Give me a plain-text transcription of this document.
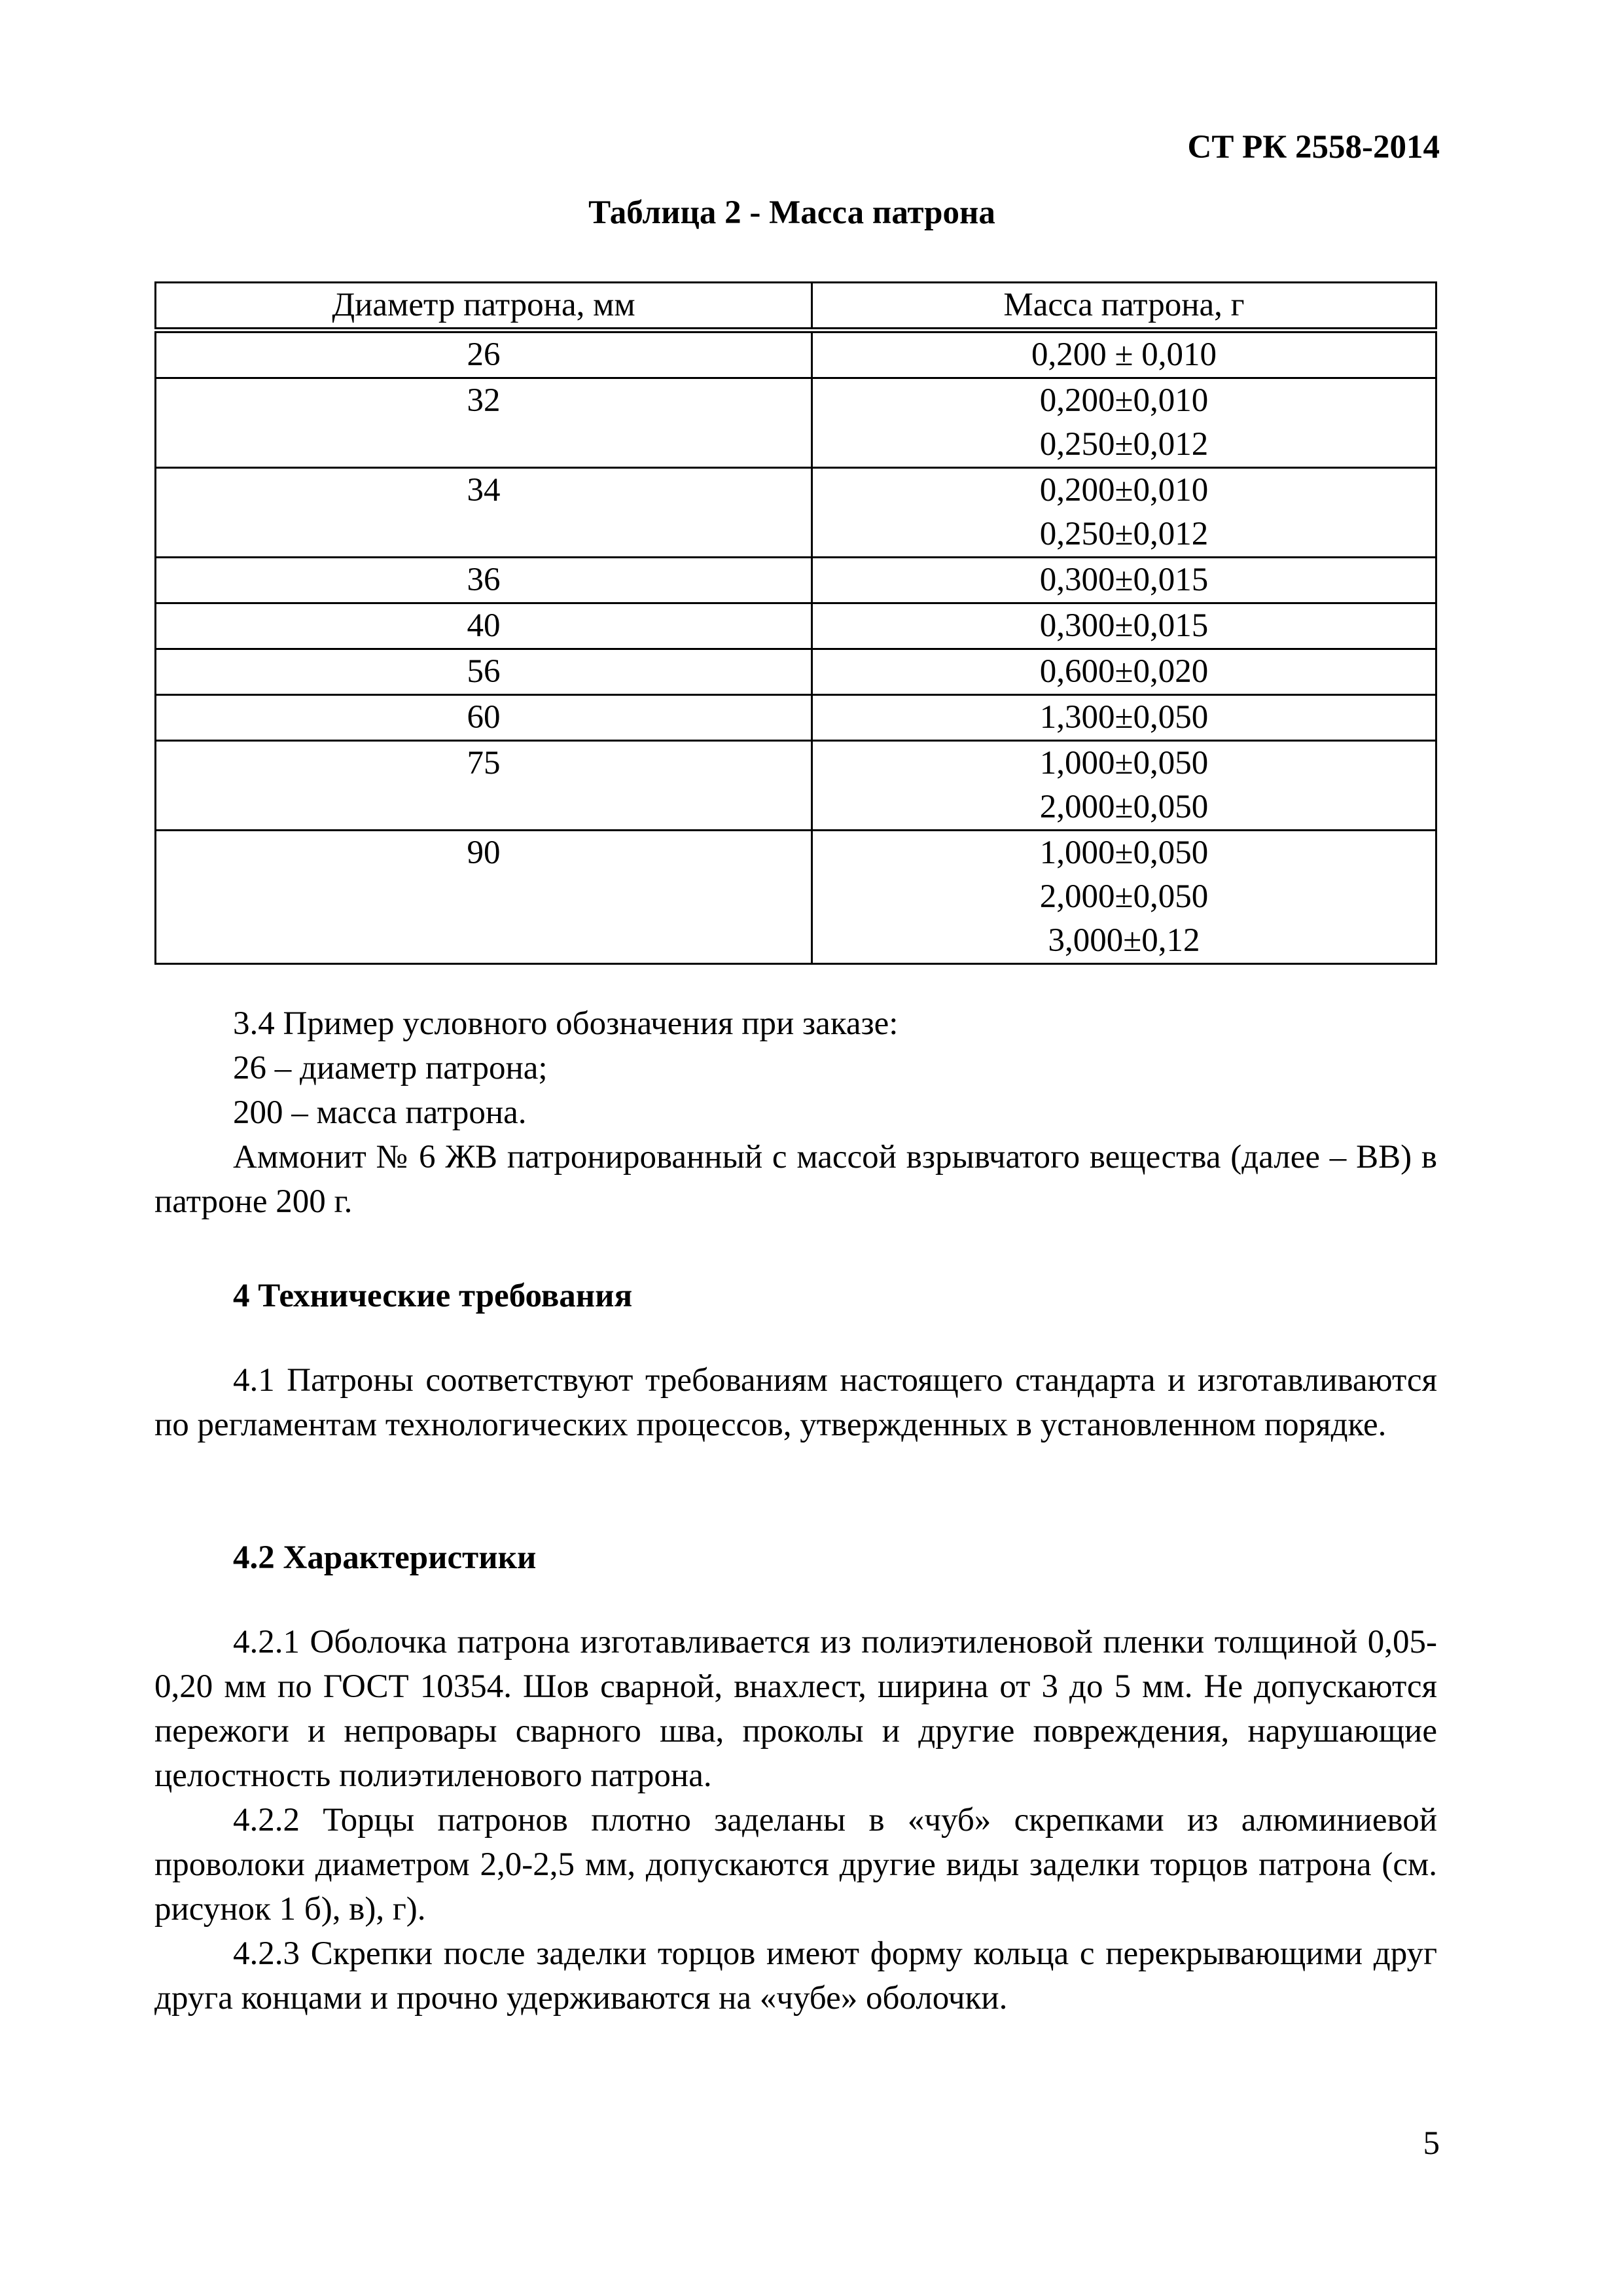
СТ РК 2558-2014
Таблица 2 - Масса патрона
Диаметр патрона, мм	Масса патрона, г

26	0,200 ± 0,010

32	0,200±0,010
0,250±0,012

34	0,200±0,010
0,250±0,012

36	0,300±0,015

40	0,300±0,015

56	0,600±0,020

60	1,300±0,050

75	1,000±0,050
2,000±0,050

90	1,000±0,050
2,000±0,050
3,000±0,12

3.4 Пример условного обозначения при заказе:

26 – диаметр патрона;

200 – масса патрона.

Аммонит № 6 ЖВ патронированный с массой взрывчатого вещества (далее – ВВ) в патроне 200 г.

4 Технические требования

4.1 Патроны соответствуют требованиям настоящего стандарта и изготавливаются по регламентам технологических процессов, утвержденных в установленном порядке.

4.2 Характеристики

4.2.1 Оболочка патрона изготавливается из полиэтиленовой пленки толщиной 0,05-0,20 мм по ГОСТ 10354. Шов сварной, внахлест, ширина от 3 до 5 мм. Не допускаются пережоги и непровары сварного шва, проколы и другие повреждения, нарушающие целостность полиэтиленового патрона.

4.2.2 Торцы патронов плотно заделаны в «чуб» скрепками из алюминиевой проволоки диаметром 2,0-2,5 мм, допускаются другие виды заделки торцов патрона (см. рисунок 1 б), в), г).

4.2.3 Скрепки после заделки торцов имеют форму кольца с перекрывающими друг друга концами и прочно удерживаются на «чубе» оболочки.

5
